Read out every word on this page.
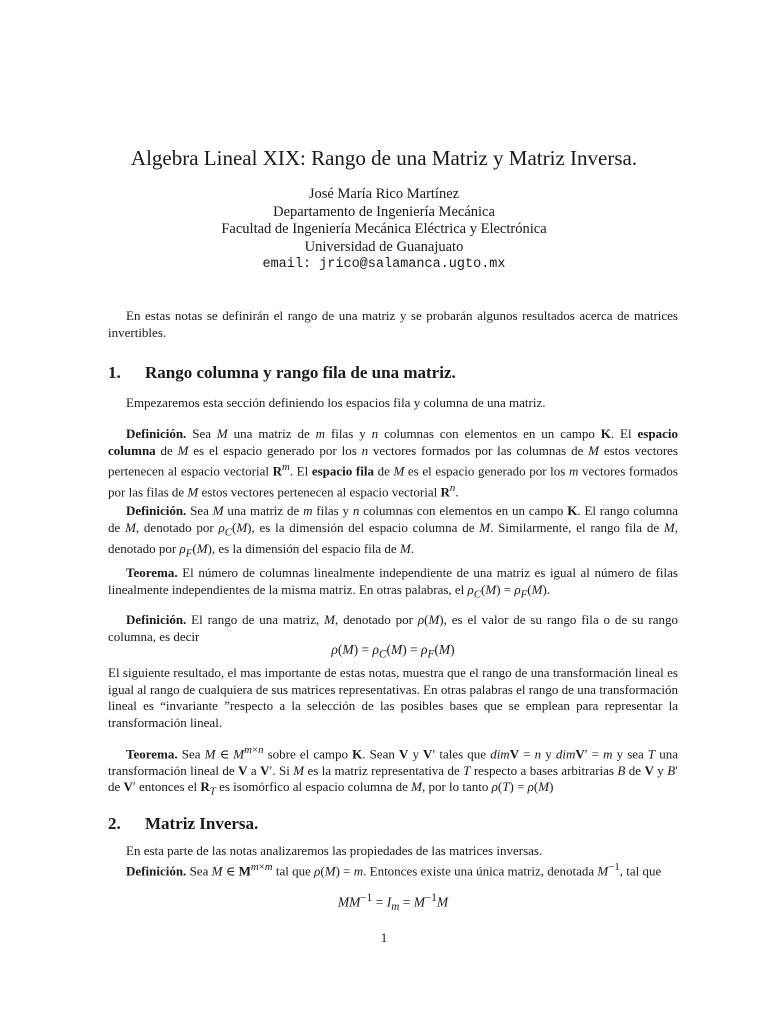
Algebra Lineal XIX: Rango de una Matriz y Matriz Inversa.
José María Rico Martínez
Departamento de Ingeniería Mecánica
Facultad de Ingeniería Mecánica Eléctrica y Electrónica
Universidad de Guanajuato
email: jrico@salamanca.ugto.mx

En estas notas se definirán el rango de una matriz y se probarán algunos resultados acerca de matrices invertibles.

1. Rango columna y rango fila de una matriz.

Empezaremos esta sección definiendo los espacios fila y columna de una matriz.

Definición. Sea M una matriz de m filas y n columnas con elementos en un campo K. El espacio columna de M es el espacio generado por los n vectores formados por las columnas de M estos vectores pertenecen al espacio vectorial $R^m$. El espacio fila de M es el espacio generado por los m vectores formados por las filas de M estos vectores pertenecen al espacio vectorial $R^n$.

Definición. Sea M una matriz de m filas y n columnas con elementos en un campo K. El rango columna de M, denotado por $\rho_C(M)$, es la dimensión del espacio columna de M. Similarmente, el rango fila de M, denotado por $\rho_F(M)$, es la dimensión del espacio fila de M.

Teorema. El número de columnas linealmente independiente de una matriz es igual al número de filas linealmente independientes de la misma matriz. En otras palabras, el $\rho_C(M) = \rho_F(M)$.

Definición. El rango de una matriz, M, denotado por ρ(M), es el valor de su rango fila o de su rango columna, es decir

$\rho(M) = \rho_C(M) = \rho_F(M)$

El siguiente resultado, el mas importante de estas notas, muestra que el rango de una transformación lineal es igual al rango de cualquiera de sus matrices representativas. En otras palabras el rango de una transformación lineal es “invariante ”respecto a la selección de las posibles bases que se emplean para representar la transformación lineal.

Teorema. Sea M ∈ $M^{m\times n}$ sobre el campo K. Sean V y V′ tales que dimV = n y dimV′ = m y sea T una transformación lineal de V a V′. Si M es la matriz representativa de T respecto a bases arbitrarias B de V y B′ de V′ entonces el $R_T$ es isomórfico al espacio columna de M, por lo tanto ρ(T) = ρ(M)

2. Matriz Inversa.

En esta parte de las notas analizaremos las propiedades de las matrices inversas.

Definición. Sea M ∈ $M^{m\times m}$ tal que ρ(M) = m. Entonces existe una única matriz, denotada $M^{-1}$, tal que

$MM^{-1} = I_m = M^{-1}M$
1
